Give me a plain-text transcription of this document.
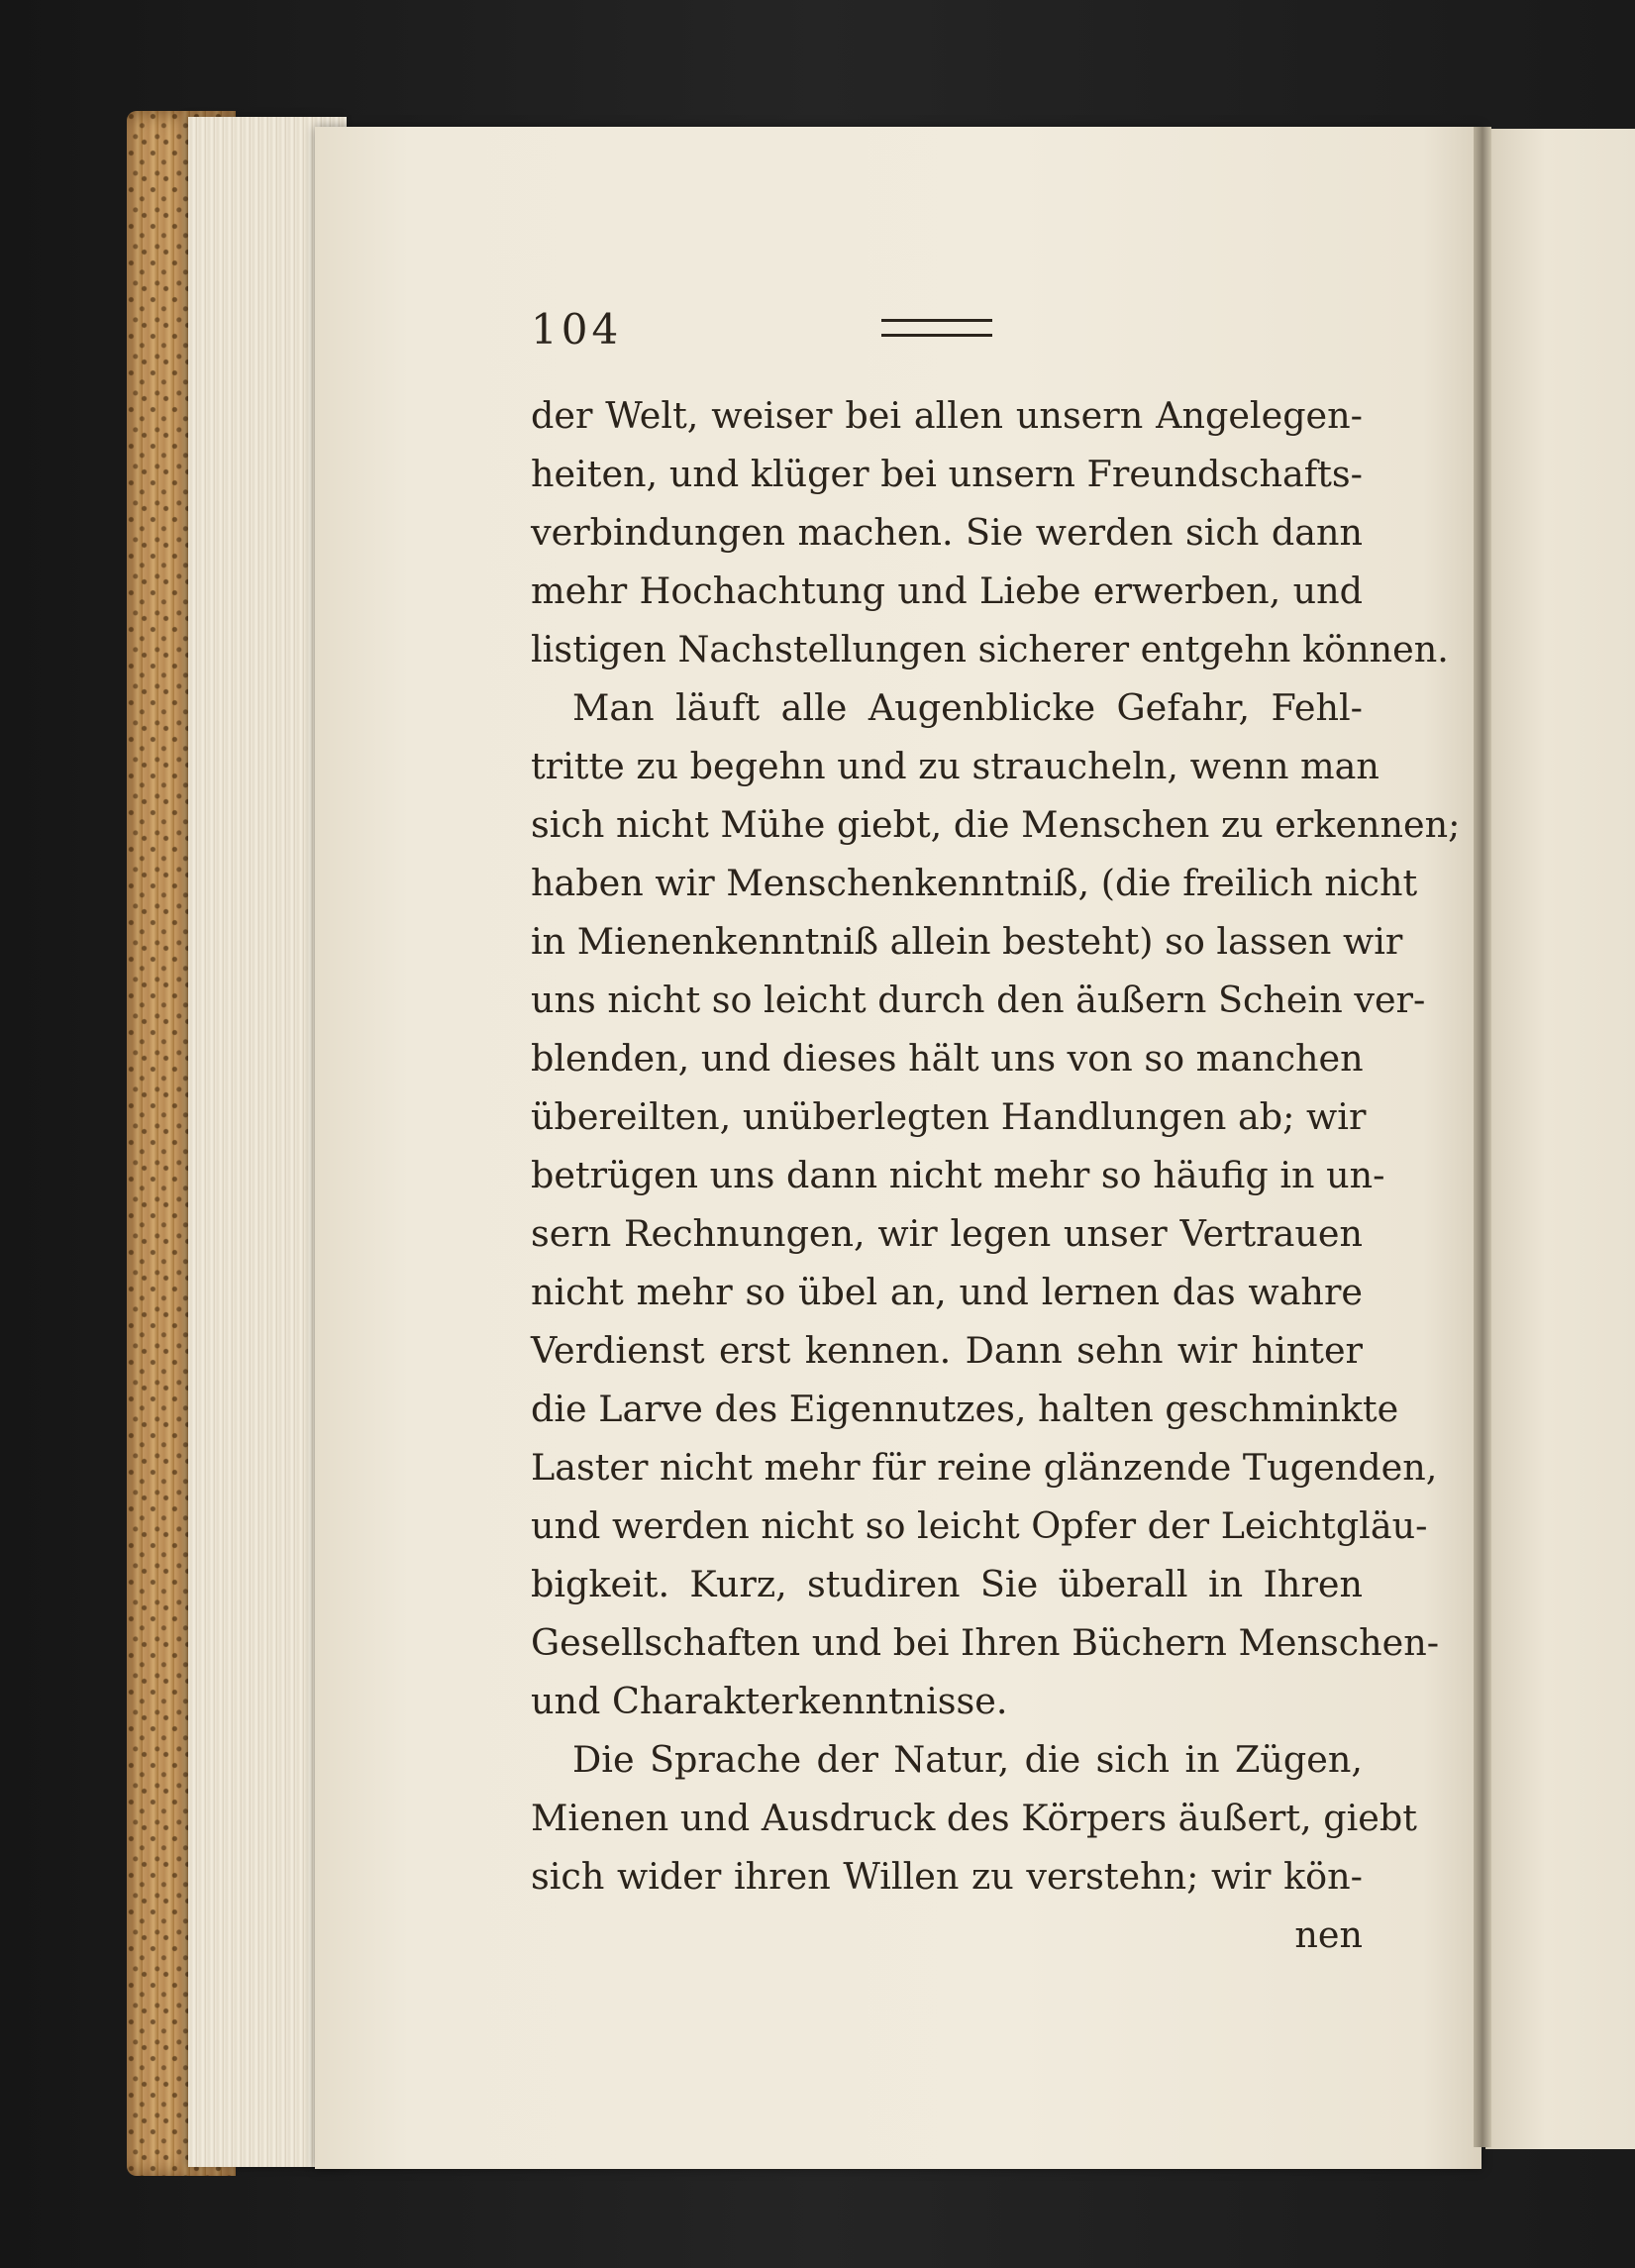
104
der Welt, weiser bei allen unsern Angelegen-
heiten, und klüger bei unsern Freundschafts-
verbindungen machen. Sie werden sich dann
mehr Hochachtung und Liebe erwerben, und
listigen Nachstellungen sicherer entgehn können.
Man läuft alle Augenblicke Gefahr, Fehl-
tritte zu begehn und zu straucheln, wenn man
sich nicht Mühe giebt, die Menschen zu erkennen;
haben wir Menschenkenntniß, (die freilich nicht
in Mienenkenntniß allein besteht) so lassen wir
uns nicht so leicht durch den äußern Schein ver-
blenden, und dieses hält uns von so manchen
übereilten, unüberlegten Handlungen ab; wir
betrügen uns dann nicht mehr so häufig in un-
sern Rechnungen, wir legen unser Vertrauen
nicht mehr so übel an, und lernen das wahre
Verdienst erst kennen. Dann sehn wir hinter
die Larve des Eigennutzes, halten geschminkte
Laster nicht mehr für reine glänzende Tugenden,
und werden nicht so leicht Opfer der Leichtgläu-
bigkeit. Kurz, studiren Sie überall in Ihren
Gesellschaften und bei Ihren Büchern Menschen-
und Charakterkenntnisse.
Die Sprache der Natur, die sich in Zügen,
Mienen und Ausdruck des Körpers äußert, giebt
sich wider ihren Willen zu verstehn; wir kön-
nen
